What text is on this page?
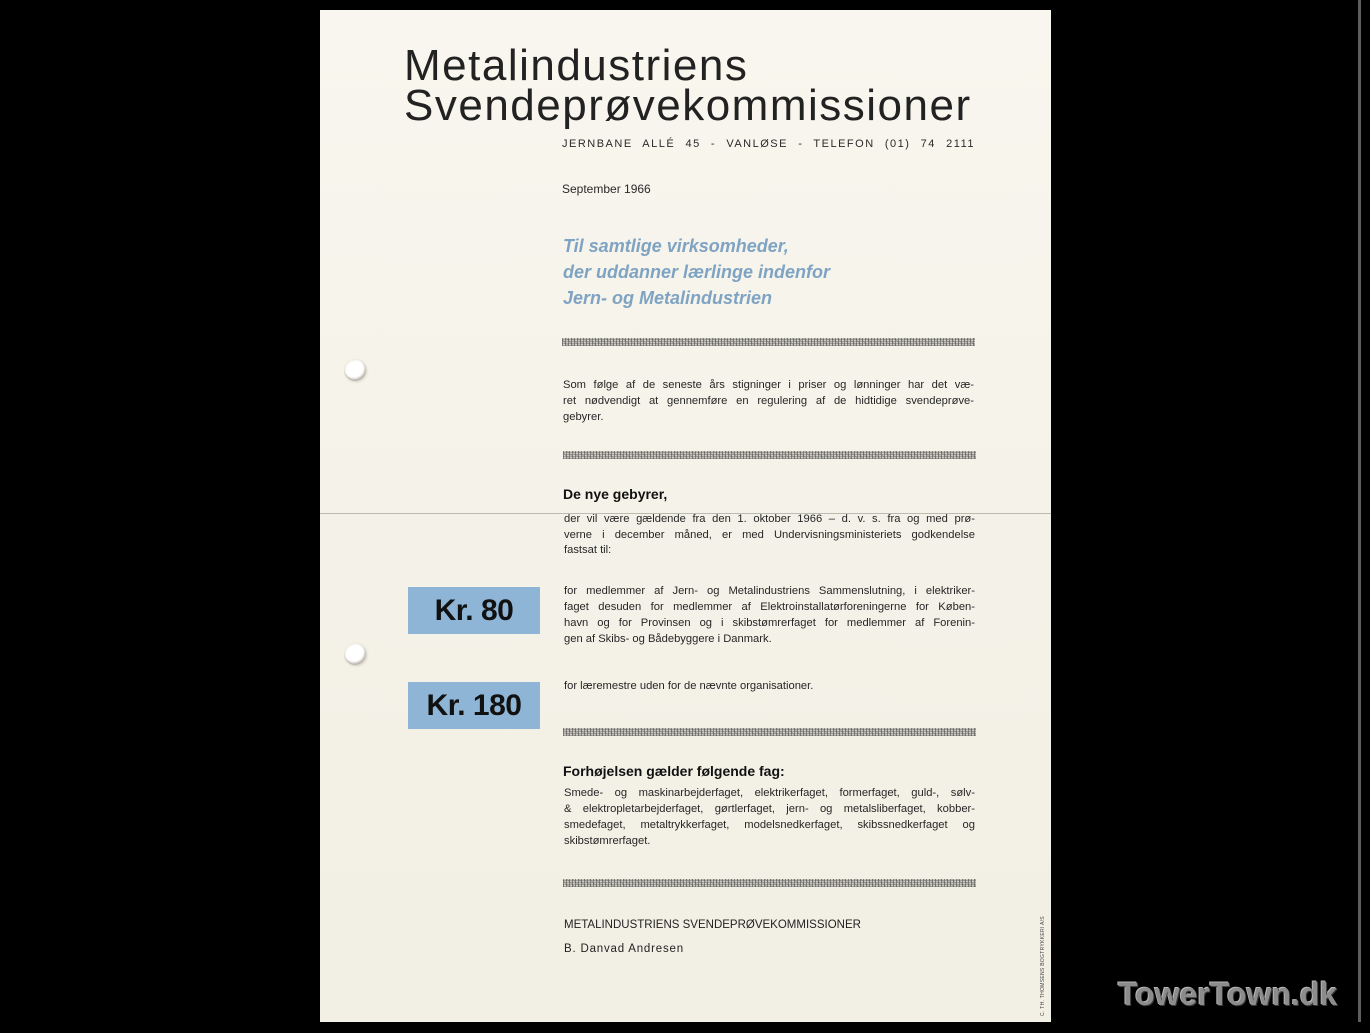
Metalindustriens
Svendeprøvekommissioner
JERNBANE ALLÉ 45 - VANLØSE - TELEFON (01) 74 2111
September 1966
Til samtlige virksomheder,
der uddanner lærlinge indenfor
Jern- og Metalindustrien
Som følge af de seneste års stigninger i priser og lønninger har det væ-
ret nødvendigt at gennemføre en regulering af de hidtidige svendeprøve-
gebyrer.
De nye gebyrer,
der vil være gældende fra den 1. oktober 1966 – d. v. s. fra og med prø-
verne i december måned, er med Undervisningsministeriets godkendelse
fastsat til:
Kr. 80
for medlemmer af Jern- og Metalindustriens Sammenslutning, i elektriker-
faget desuden for medlemmer af Elektroinstallatørforeningerne for Køben-
havn og for Provinsen og i skibstømrerfaget for medlemmer af Forenin-
gen af Skibs- og Bådebyggere i Danmark.
Kr. 180
for læremestre uden for de nævnte organisationer.
Forhøjelsen gælder følgende fag:
Smede- og maskinarbejderfaget, elektrikerfaget, formerfaget, guld-, sølv-
& elektropletarbejderfaget, gørtlerfaget, jern- og metalsliberfaget, kobber-
smedefaget, metaltrykkerfaget, modelsnedkerfaget, skibssnedkerfaget og
skibstømrerfaget.
METALINDUSTRIENS SVENDEPRØVEKOMMISSIONER
B. Danvad Andresen	C. TH. THOMSENS BOGTRYKKERI A/S TowerTown.dk
